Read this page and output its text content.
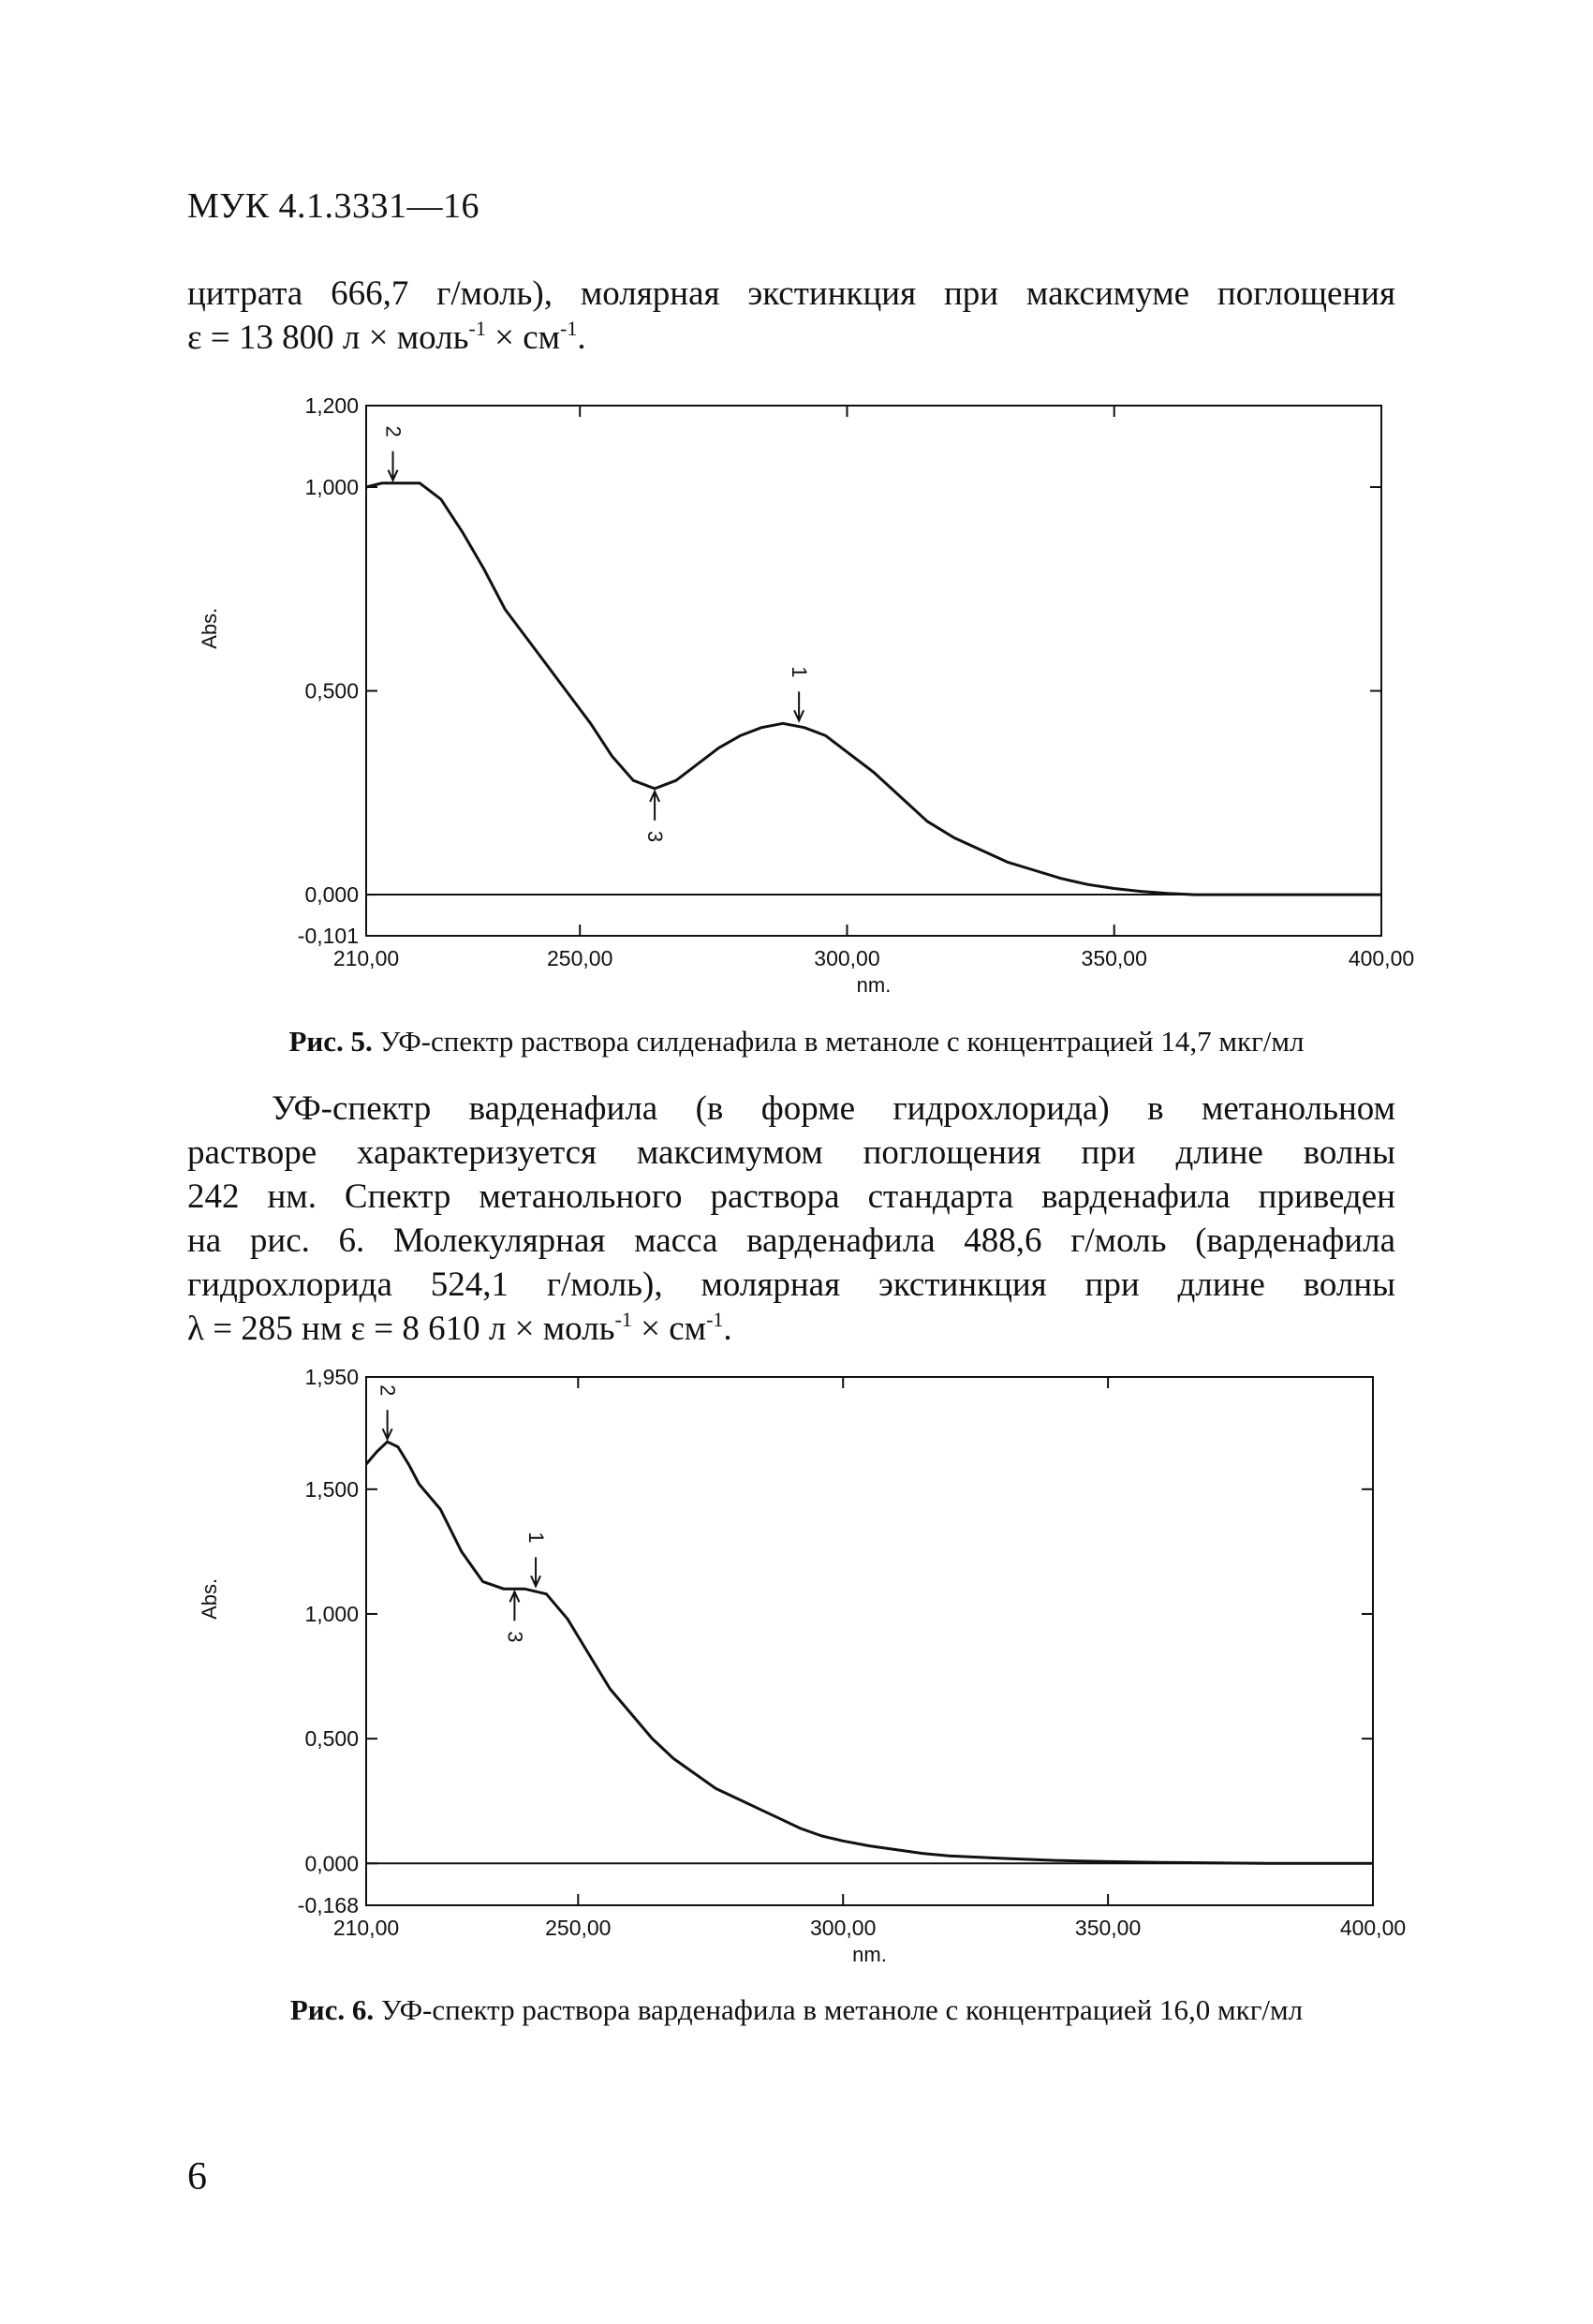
МУК 4.1.3331—16
цитрата 666,7 г/моль), молярная экстинкция при максимуме поглощения
ε = 13 800 л × моль$^{-1}$ × $см^{-1}$.
1,200
1,000
0,500
0,000
-0,101
210,00	250,00	300,00	350,00	400,00
nm.
Abs.
1
2
3
1,950
1,500
1,000
0,500
0,000
-0,168
210,00	250,00	300,00	350,00	400,00
nm.
Abs.
1
2
3
Рис. 5. УФ-спектр раствора силденафила в метаноле с концентрацией 14,7 мкг/мл
УФ-спектр варденафила (в форме гидрохлорида) в метанольном
растворе характеризуется максимумом поглощения при длине волны
242 нм. Спектр метанольного раствора стандарта варденафила приведен
на рис. 6. Молекулярная масса варденафила 488,6 г/моль (варденафила
гидрохлорида 524,1 г/моль), молярная экстинкция при длине волны
λ = 285 нм ε = 8 610 л × моль$^{-1}$ × $см^{-1}$.
Рис. 6. УФ-спектр раствора варденафила в метаноле с концентрацией 16,0 мкг/мл
6
